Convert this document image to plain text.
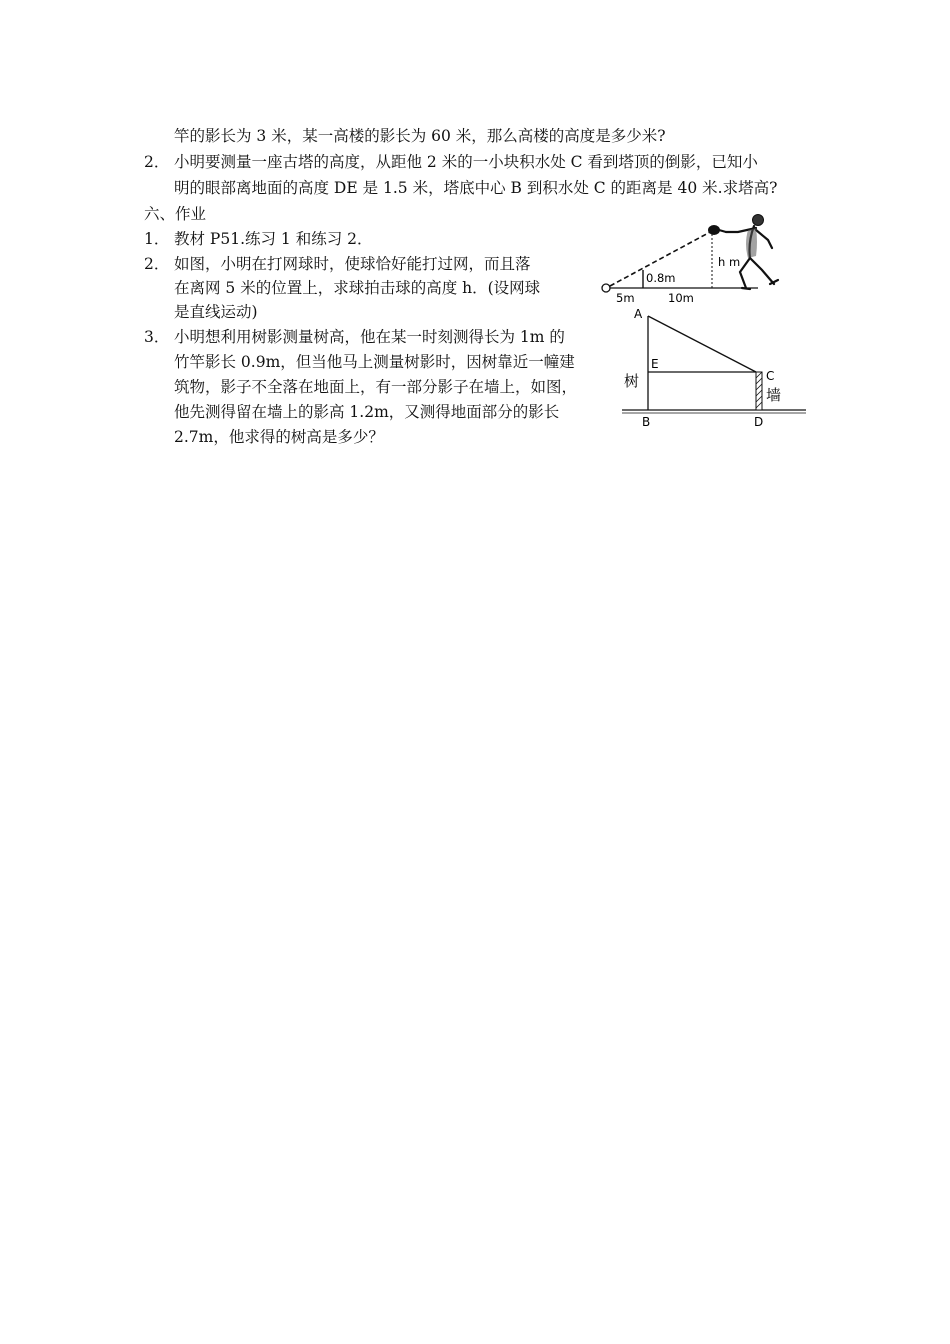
竿的影长为 3 米，某一高楼的影长为 60 米，那么高楼的高度是多少米?
2． 小明要测量一座古塔的高度，从距他 2 米的一小块积水处 C 看到塔顶的倒影，已知小
明的眼部离地面的高度 DE 是 1.5 米，塔底中心 B 到积水处 C 的距离是 40 米.求塔高?
六、作业
1． 教材 P51.练习 1 和练习 2．
2． 如图，小明在打网球时，使球恰好能打过网，而且落
在离网 5 米的位置上，求球拍击球的高度 h．(设网球
是直线运动)
3． 小明想利用树影测量树高，他在某一时刻测得长为 1m 的
竹竿影长 0.9m，但当他马上测量树影时，因树靠近一幢建
筑物，影子不全落在地面上，有一部分影子在墙上，如图，
他先测得留在墙上的影高 1.2m，又测得地面部分的影长
2.7m，他求得的树高是多少？
0.8m
h m
5m	10m
A
E
C
B	D
树
墙
